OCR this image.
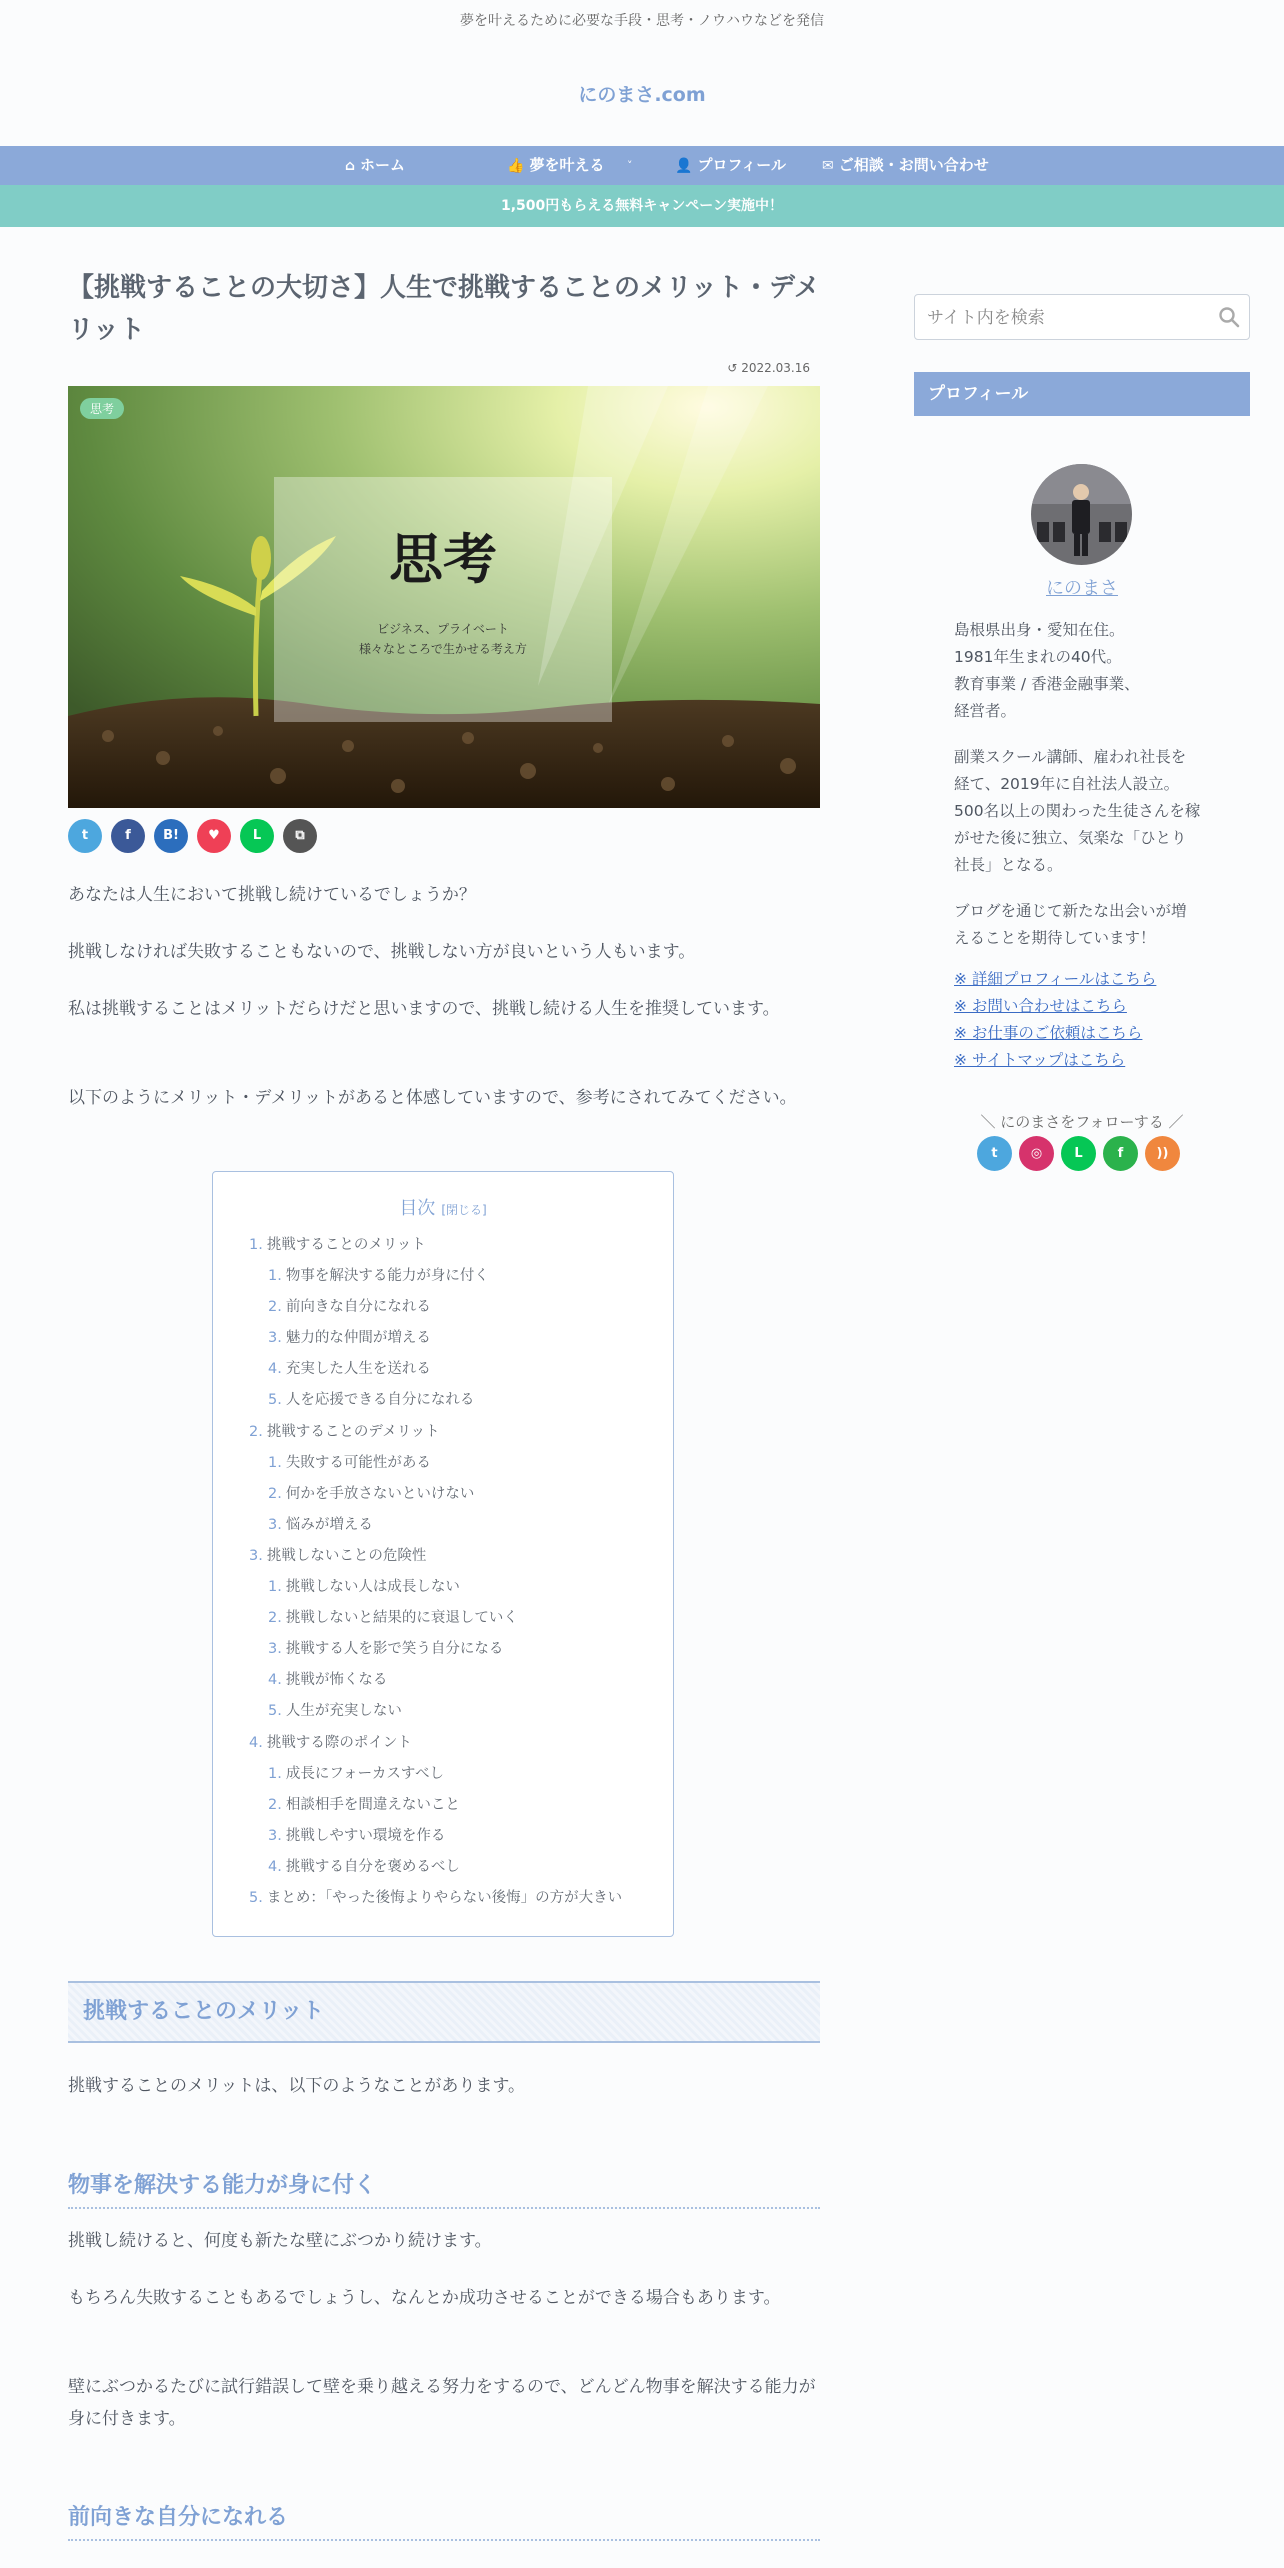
夢を叶えるために必要な手段・思考・ノウハウなどを発信
にのまさ.com
⌂ ホーム	👍 夢を叶える ˅	👤 プロフィール	✉ ご相談・お問い合わせ
1,500円もらえる無料キャンペーン実施中！
【挑戦することの大切さ】人生で挑戦することのメリット・デメリット
↺ 2022.03.16
思考
ビジネス、プライベート
様々なところで生かせる考え方
思考
t	f B! ♥	L	⧉

あなたは人生において挑戦し続けているでしょうか？

挑戦しなければ失敗することもないので、挑戦しない方が良いという人もいます。

私は挑戦することはメリットだらけだと思いますので、挑戦し続ける人生を推奨しています。

以下のようにメリット・デメリットがあると体感していますので、参考にされてみてください。

目次 [閉じる]
1. 挑戦することのメリット
1. 物事を解決する能力が身に付く
2. 前向きな自分になれる
3. 魅力的な仲間が増える
4. 充実した人生を送れる
5. 人を応援できる自分になれる
2. 挑戦することのデメリット
1. 失敗する可能性がある
2. 何かを手放さないといけない
3. 悩みが増える
3. 挑戦しないことの危険性
1. 挑戦しない人は成長しない
2. 挑戦しないと結果的に衰退していく
3. 挑戦する人を影で笑う自分になる
4. 挑戦が怖くなる
5. 人生が充実しない
4. 挑戦する際のポイント
1. 成長にフォーカスすべし
2. 相談相手を間違えないこと
3. 挑戦しやすい環境を作る
4. 挑戦する自分を褒めるべし
5. まとめ：「やった後悔よりやらない後悔」の方が大きい
挑戦することのメリット

挑戦することのメリットは、以下のようなことがあります。

物事を解決する能力が身に付く

挑戦し続けると、何度も新たな壁にぶつかり続けます。

もちろん失敗することもあるでしょうし、なんとか成功させることができる場合もあります。

壁にぶつかるたびに試行錯誤して壁を乗り越える努力をするので、どんどん物事を解決する能力が身に付きます。

前向きな自分になれる
サイト内を検索
プロフィール
にのまさ

島根県出身・愛知在住。
1981年生まれの40代。
教育事業 / 香港金融事業、
経営者。

副業スクール講師、雇われ社長を
経て、2019年に自社法人設立。
500名以上の関わった生徒さんを稼
がせた後に独立、気楽な「ひとり
社長」となる。

ブログを通じて新たな出会いが増
えることを期待しています！

※ 詳細プロフィールはこちら
※ お問い合わせはこちら
※ お仕事のご依頼はこちら
※ サイトマップはこちら
＼ にのまさをフォローする ／
t	◎ L	f	))
